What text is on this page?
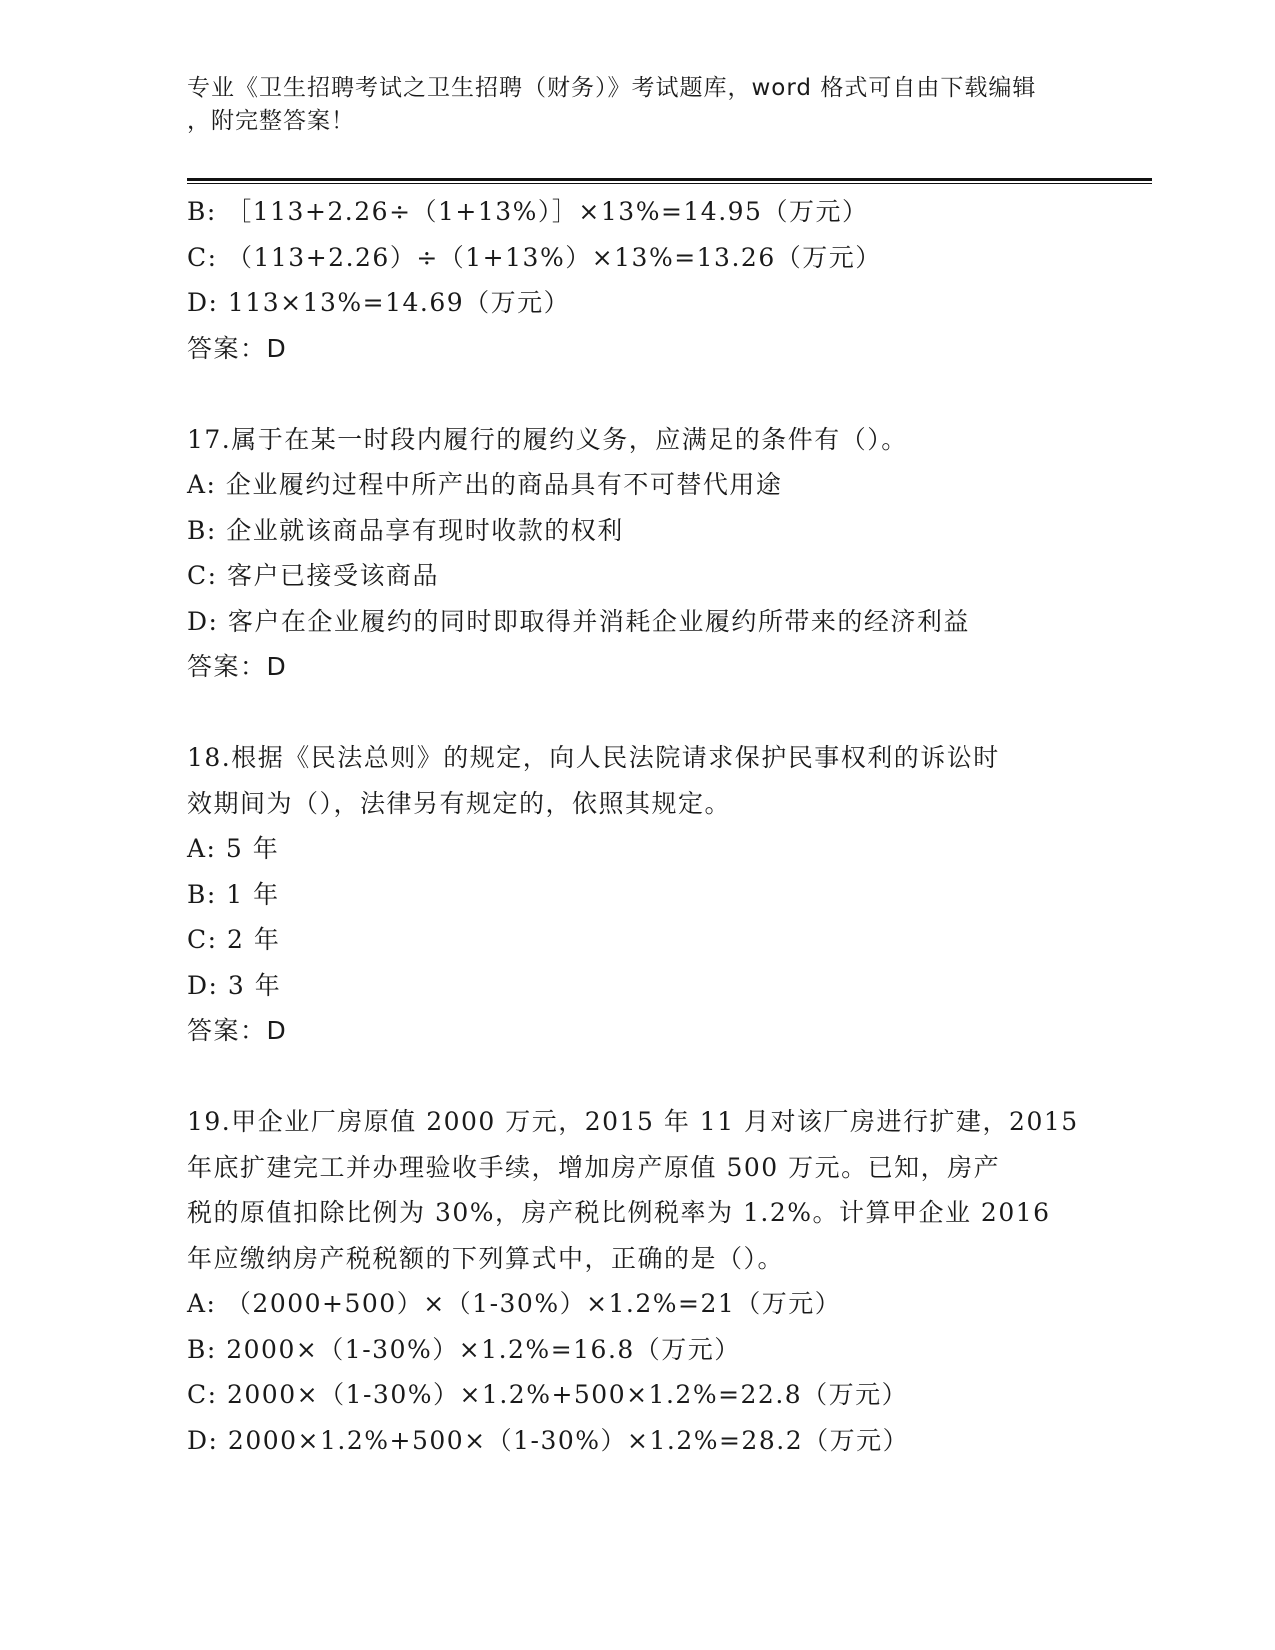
专业《卫生招聘考试之卫生招聘（财务）》考试题库，word 格式可自由下载编辑
，附完整答案！
B: ［113+2.26÷（1+13%）］×13%=14.95（万元）
C: （113+2.26）÷（1+13%）×13%=13.26（万元）
D: 113×13%=14.69（万元）
答案：D
17.属于在某一时段内履行的履约义务，应满足的条件有（）。
A: 企业履约过程中所产出的商品具有不可替代用途
B: 企业就该商品享有现时收款的权利
C: 客户已接受该商品
D: 客户在企业履约的同时即取得并消耗企业履约所带来的经济利益
答案：D
18.根据《民法总则》的规定，向人民法院请求保护民事权利的诉讼时
效期间为（），法律另有规定的，依照其规定。
A: 5 年
B: 1 年
C: 2 年
D: 3 年
答案：D
19.甲企业厂房原值 2000 万元，2015 年 11 月对该厂房进行扩建，2015
年底扩建完工并办理验收手续，增加房产原值 500 万元。已知，房产
税的原值扣除比例为 30%，房产税比例税率为 1.2%。计算甲企业 2016
年应缴纳房产税税额的下列算式中，正确的是（）。
A: （2000+500）×（1-30%）×1.2%=21（万元）
B: 2000×（1-30%）×1.2%=16.8（万元）
C: 2000×（1-30%）×1.2%+500×1.2%=22.8（万元）
D: 2000×1.2%+500×（1-30%）×1.2%=28.2（万元）
